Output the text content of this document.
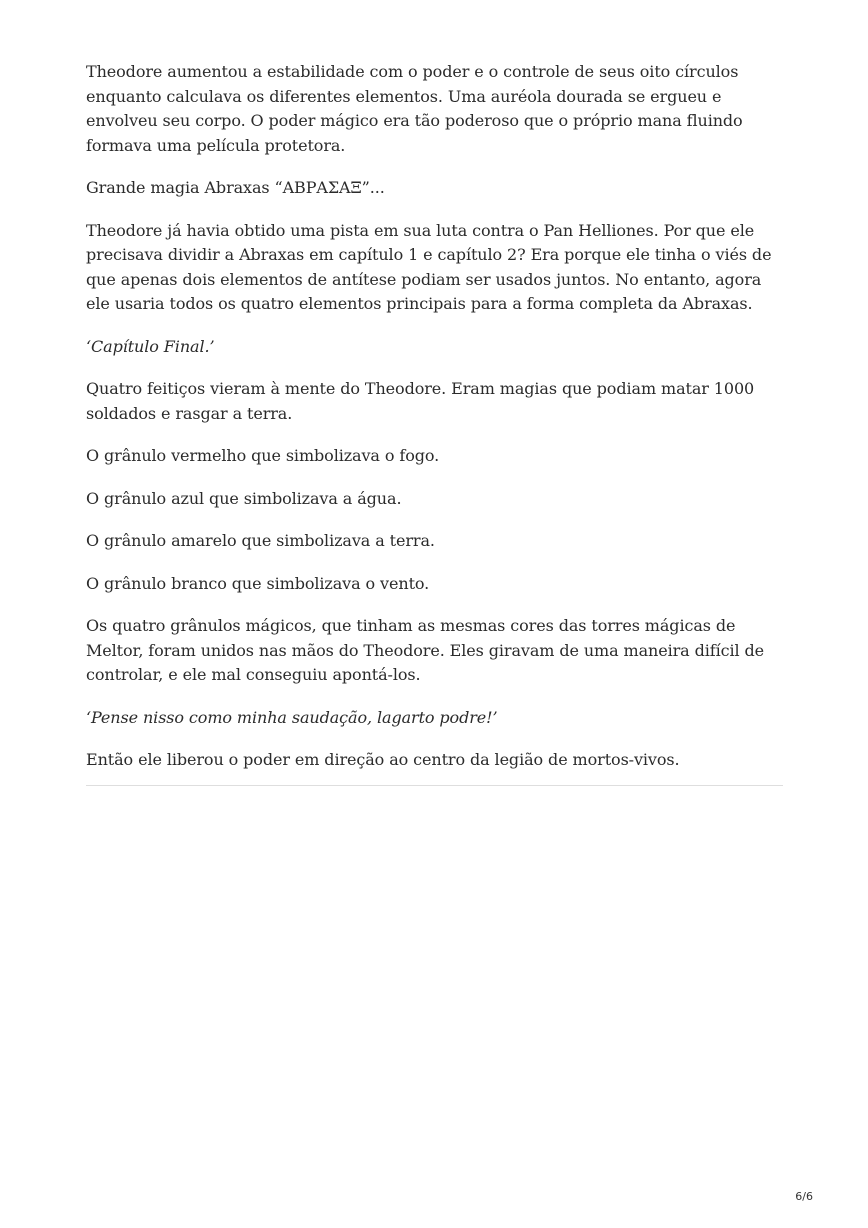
Theodore aumentou a estabilidade com o poder e o controle de seus oito círculos enquanto calculava os diferentes elementos. Uma auréola dourada se ergueu e envolveu seu corpo. O poder mágico era tão poderoso que o próprio mana fluindo formava uma película protetora.

Grande magia Abraxas “ΑΒΡΑΣΑΞ”...

Theodore já havia obtido uma pista em sua luta contra o Pan Helliones. Por que ele precisava dividir a Abraxas em capítulo 1 e capítulo 2? Era porque ele tinha o viés de que apenas dois elementos de antítese podiam ser usados juntos. No entanto, agora ele usaria todos os quatro elementos principais para a forma completa da Abraxas.

‘Capítulo Final.’

Quatro feitiços vieram à mente do Theodore. Eram magias que podiam matar 1000 soldados e rasgar a terra.

O grânulo vermelho que simbolizava o fogo.

O grânulo azul que simbolizava a água.

O grânulo amarelo que simbolizava a terra.

O grânulo branco que simbolizava o vento.

Os quatro grânulos mágicos, que tinham as mesmas cores das torres mágicas de Meltor, foram unidos nas mãos do Theodore. Eles giravam de uma maneira difícil de controlar, e ele mal conseguiu apontá-los.

‘Pense nisso como minha saudação, lagarto podre!’

Então ele liberou o poder em direção ao centro da legião de mortos-vivos.

6/6
